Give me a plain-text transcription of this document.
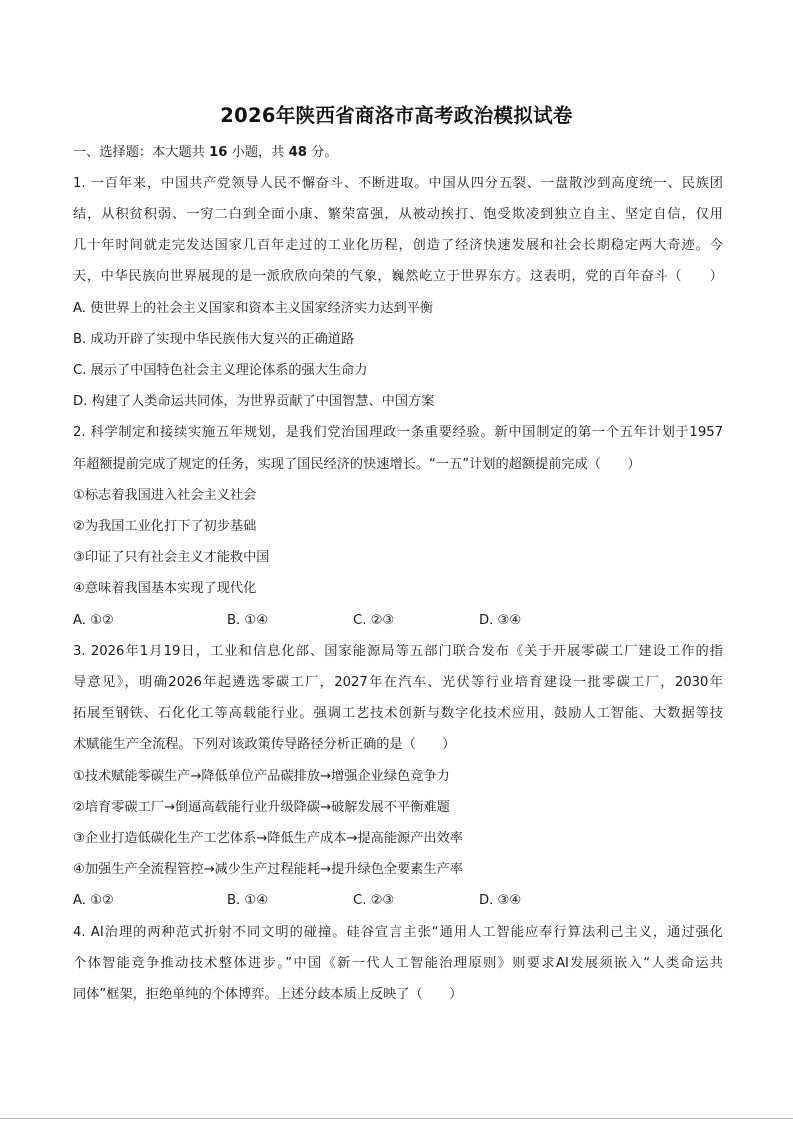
2026年陕西省商洛市高考政治模拟试卷
一、选择题：本大题共 16 小题，共 48 分。
1. 一百年来，中国共产党领导人民不懈奋斗、不断进取。中国从四分五裂、一盘散沙到高度统一、民族团
结，从积贫积弱、一穷二白到全面小康、繁荣富强，从被动挨打、饱受欺凌到独立自主、坚定自信，仅用
几十年时间就走完发达国家几百年走过的工业化历程，创造了经济快速发展和社会长期稳定两大奇迹。今
天，中华民族向世界展现的是一派欣欣向荣的气象，巍然屹立于世界东方。这表明，党的百年奋斗（　　）
A. 使世界上的社会主义国家和资本主义国家经济实力达到平衡
B. 成功开辟了实现中华民族伟大复兴的正确道路
C. 展示了中国特色社会主义理论体系的强大生命力
D. 构建了人类命运共同体，为世界贡献了中国智慧、中国方案
2. 科学制定和接续实施五年规划，是我们党治国理政一条重要经验。新中国制定的第一个五年计划于1957
年超额提前完成了规定的任务，实现了国民经济的快速增长。“一五”计划的超额提前完成（　　）
①标志着我国进入社会主义社会
②为我国工业化打下了初步基础
③印证了只有社会主义才能救中国
④意味着我国基本实现了现代化
A. ①②	B. ①④	C. ②③	D. ③④
3. 2026年1月19日，工业和信息化部、国家能源局等五部门联合发布《关于开展零碳工厂建设工作的指
导意见》，明确2026年起遴选零碳工厂，2027年在汽车、光伏等行业培育建设一批零碳工厂，2030年
拓展至钢铁、石化化工等高载能行业。强调工艺技术创新与数字化技术应用，鼓励人工智能、大数据等技
术赋能生产全流程。下列对该政策传导路径分析正确的是（　　）
①技术赋能零碳生产→降低单位产品碳排放→增强企业绿色竞争力
②培育零碳工厂→倒逼高载能行业升级降碳→破解发展不平衡难题
③企业打造低碳化生产工艺体系→降低生产成本→提高能源产出效率
④加强生产全流程管控→减少生产过程能耗→提升绿色全要素生产率
A. ①②	B. ①④	C. ②③	D. ③④
4. AI治理的两种范式折射不同文明的碰撞。硅谷宣言主张“通用人工智能应奉行算法利己主义，通过强化
个体智能竞争推动技术整体进步。”中国《新一代人工智能治理原则》则要求AI发展须嵌入“人类命运共
同体”框架，拒绝单纯的个体博弈。上述分歧本质上反映了（　　）
